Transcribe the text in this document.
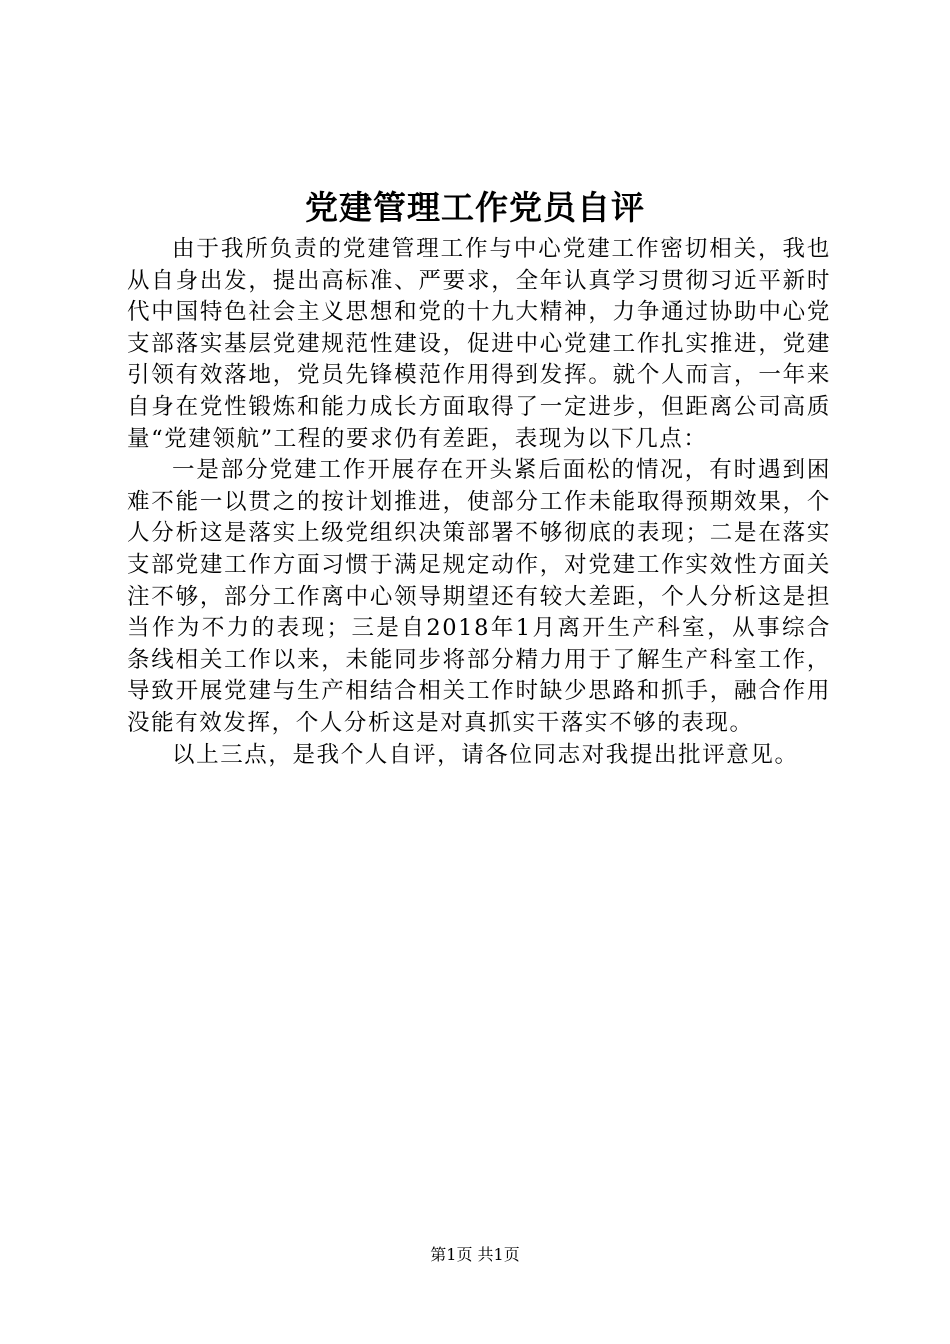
党建管理工作党员自评

由于我所负责的党建管理工作与中心党建工作密切相关，我也从自身出发，提出高标准、严要求，全年认真学习贯彻习近平新时代中国特色社会主义思想和党的十九大精神，力争通过协助中心党支部落实基层党建规范性建设，促进中心党建工作扎实推进，党建引领有效落地，党员先锋模范作用得到发挥。就个人而言，一年来自身在党性锻炼和能力成长方面取得了一定进步，但距离公司高质量“党建领航”工程的要求仍有差距，表现为以下几点：

一是部分党建工作开展存在开头紧后面松的情况，有时遇到困难不能一以贯之的按计划推进，使部分工作未能取得预期效果，个人分析这是落实上级党组织决策部署不够彻底的表现；二是在落实支部党建工作方面习惯于满足规定动作，对党建工作实效性方面关注不够，部分工作离中心领导期望还有较大差距，个人分析这是担当作为不力的表现；三是自2018年1月离开生产科室，从事综合条线相关工作以来，未能同步将部分精力用于了解生产科室工作，导致开展党建与生产相结合相关工作时缺少思路和抓手，融合作用没能有效发挥，个人分析这是对真抓实干落实不够的表现。

以上三点，是我个人自评，请各位同志对我提出批评意见。

第1页 共1页
